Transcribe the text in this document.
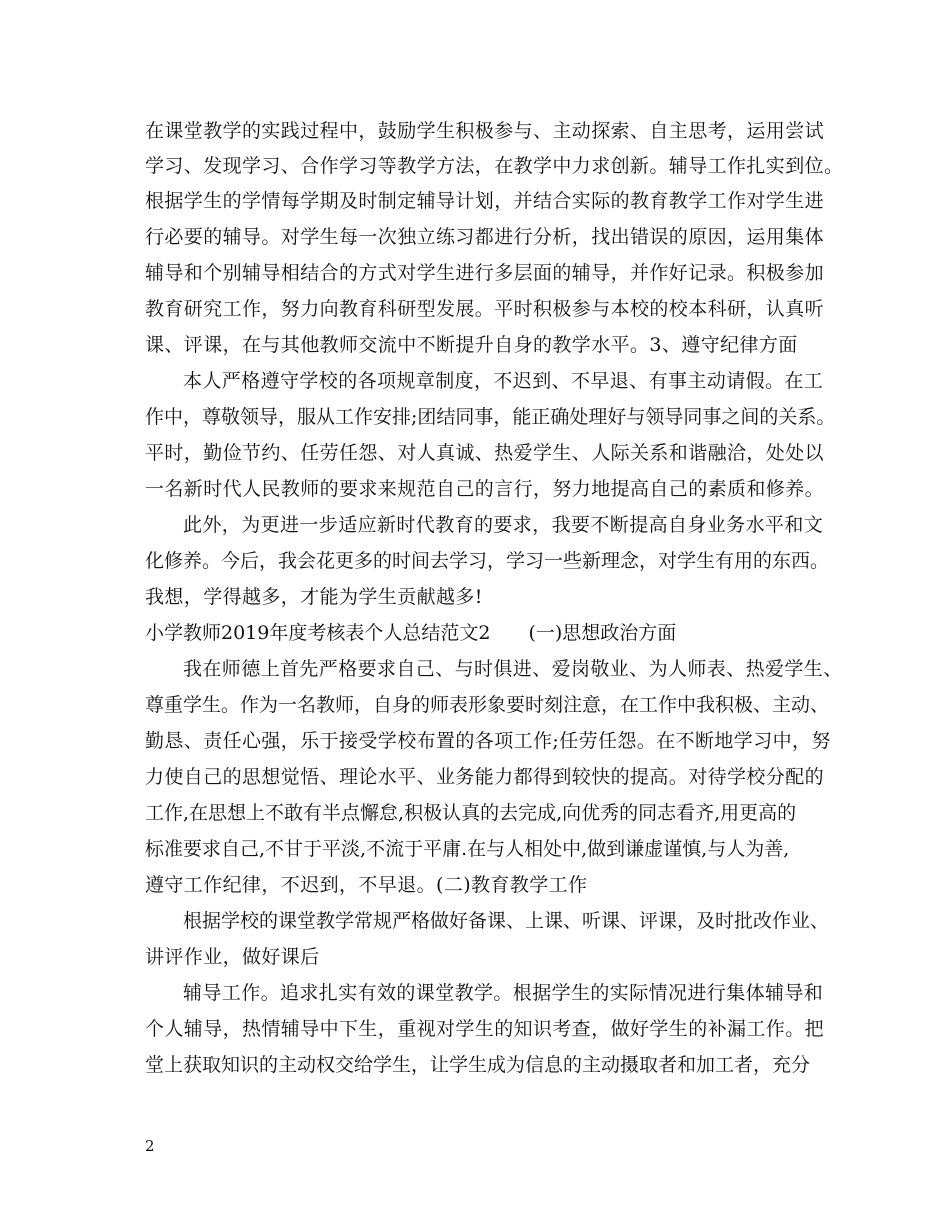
在课堂教学的实践过程中，鼓励学生积极参与、主动探索、自主思考，运用尝试
学习、发现学习、合作学习等教学方法，在教学中力求创新。辅导工作扎实到位。
根据学生的学情每学期及时制定辅导计划，并结合实际的教育教学工作对学生进
行必要的辅导。对学生每一次独立练习都进行分析，找出错误的原因，运用集体
辅导和个别辅导相结合的方式对学生进行多层面的辅导，并作好记录。积极参加
教育研究工作，努力向教育科研型发展。平时积极参与本校的校本科研，认真听
课、评课，在与其他教师交流中不断提升自身的教学水平。3、遵守纪律方面
本人严格遵守学校的各项规章制度，不迟到、不早退、有事主动请假。在工
作中，尊敬领导，服从工作安排;团结同事，能正确处理好与领导同事之间的关系。
平时，勤俭节约、任劳任怨、对人真诚、热爱学生、人际关系和谐融洽，处处以
一名新时代人民教师的要求来规范自己的言行，努力地提高自己的素质和修养。
此外，为更进一步适应新时代教育的要求，我要不断提高自身业务水平和文
化修养。今后，我会花更多的时间去学习，学习一些新理念，对学生有用的东西。
我想，学得越多，才能为学生贡献越多!
小学教师2019年度考核表个人总结范文2　　(一)思想政治方面
我在师德上首先严格要求自己、与时俱进、爱岗敬业、为人师表、热爱学生、
尊重学生。作为一名教师，自身的师表形象要时刻注意，在工作中我积极、主动、
勤恳、责任心强，乐于接受学校布置的各项工作;任劳任怨。在不断地学习中，努
力使自己的思想觉悟、理论水平、业务能力都得到较快的提高。对待学校分配的
工作,在思想上不敢有半点懈怠,积极认真的去完成,向优秀的同志看齐,用更高的
标准要求自己,不甘于平淡,不流于平庸.在与人相处中,做到谦虚谨慎,与人为善,
遵守工作纪律，不迟到，不早退。(二)教育教学工作
根据学校的课堂教学常规严格做好备课、上课、听课、评课，及时批改作业、
讲评作业，做好课后
辅导工作。追求扎实有效的课堂教学。根据学生的实际情况进行集体辅导和
个人辅导，热情辅导中下生，重视对学生的知识考查，做好学生的补漏工作。把
堂上获取知识的主动权交给学生，让学生成为信息的主动摄取者和加工者，充分
2
